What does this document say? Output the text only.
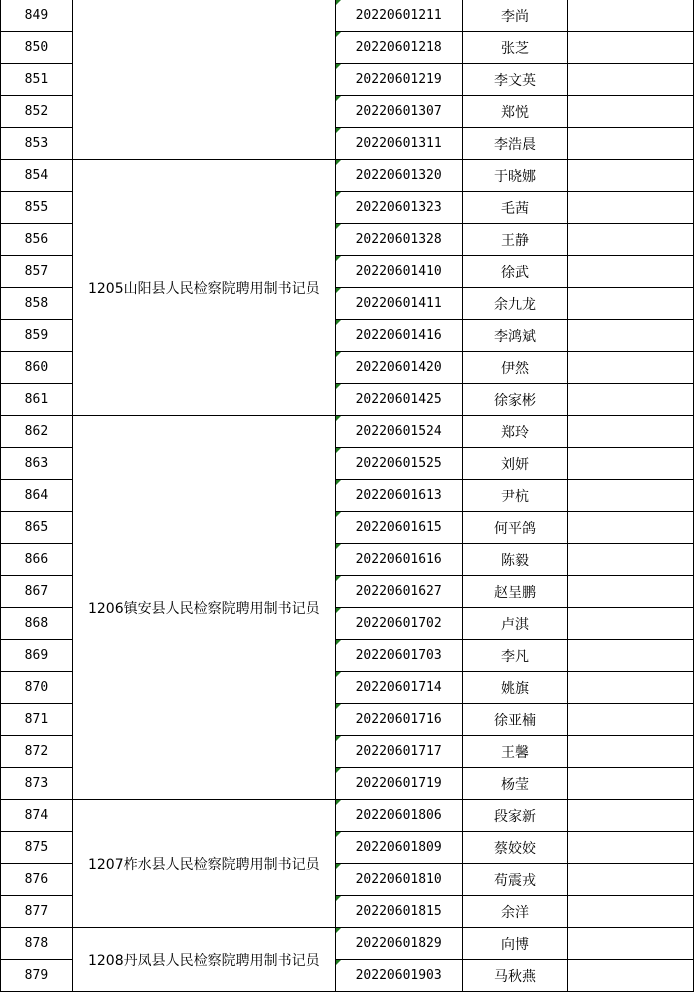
849		20220601211	李尚	
850		20220601218	张芝	
851		20220601219	李文英	
852		20220601307	郑悦	
853		20220601311	李浩晨	
854	1205山阳县人民检察院聘用制书记员	20220601320	于晓娜	
855		20220601323	毛茜	
856		20220601328	王静	
857		20220601410	徐武	
858		20220601411	余九龙	
859		20220601416	李鸿斌	
860		20220601420	伊然	
861		20220601425	徐家彬	
862	1206镇安县人民检察院聘用制书记员	20220601524	郑玲	
863		20220601525	刘妍	
864		20220601613	尹杭	
865		20220601615	何平鸽	
866		20220601616	陈毅	
867		20220601627	赵呈鹏	
868		20220601702	卢淇	
869		20220601703	李凡	
870		20220601714	姚旗	
871		20220601716	徐亚楠	
872		20220601717	王馨	
873		20220601719	杨莹	
874	1207柞水县人民检察院聘用制书记员	20220601806	段家新	
875		20220601809	蔡姣姣	
876		20220601810	苟震戎	
877		20220601815	余洋	
878	1208丹凤县人民检察院聘用制书记员	20220601829	向博	
879		20220601903	马秋燕	
